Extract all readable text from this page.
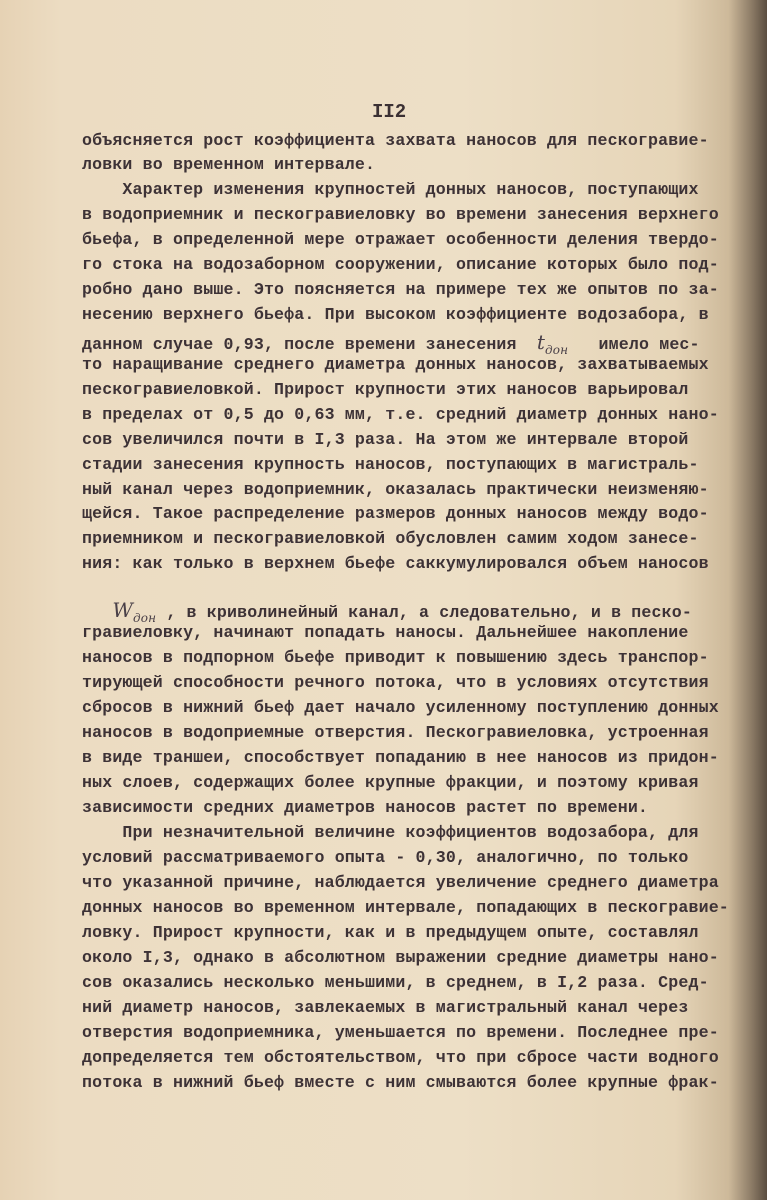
II2
объясняется рост коэффициента захвата наносов для пескогравие-
ловки во временном интервале.
Характер изменения крупностей донных наносов, поступающих
в водоприемник и пескогравиеловку во времени занесения верхнего
бьефа, в определенной мере отражает особенности деления твердо-
го стока на водозаборном сооружении, описание которых было под-
робно дано выше. Это поясняется на примере тех же опытов по за-
несению верхнего бьефа. При высоком коэффициенте водозабора, в
данном случае 0,93, после времени занесения  $t_{дон}$   имело мес-
то наращивание среднего диаметра донных наносов, захватываемых
пескогравиеловкой. Прирост крупности этих наносов варьировал
в пределах от 0,5 до 0,63 мм, т.е. средний диаметр донных нано-
сов увеличился почти в I,3 раза. На этом же интервале второй
стадии занесения крупность наносов, поступающих в магистраль-
ный канал через водоприемник, оказалась практически неизменяю-
щейся. Такое распределение размеров донных наносов между водо-
приемником и пескогравиеловкой обусловлен самим ходом занесе-
ния: как только в верхнем бьефе саккумулировался объем наносов
$W_{дон}$ , в криволинейный канал, а следовательно, и в песко-
гравиеловку, начинают попадать наносы. Дальнейшее накопление
наносов в подпорном бьефе приводит к повышению здесь транспор-
тирующей способности речного потока, что в условиях отсутствия
сбросов в нижний бьеф дает начало усиленному поступлению донных
наносов в водоприемные отверстия. Пескогравиеловка, устроенная
в виде траншеи, способствует попаданию в нее наносов из придон-
ных слоев, содержащих более крупные фракции, и поэтому кривая
зависимости средних диаметров наносов растет по времени.
При незначительной величине коэффициентов водозабора, для
условий рассматриваемого опыта - 0,30, аналогично, по только
что указанной причине, наблюдается увеличение среднего диаметра
донных наносов во временном интервале, попадающих в пескогравие-
ловку. Прирост крупности, как и в предыдущем опыте, составлял
около I,3, однако в абсолютном выражении средние диаметры нано-
сов оказались несколько меньшими, в среднем, в I,2 раза. Сред-
ний диаметр наносов, завлекаемых в магистральный канал через
отверстия водоприемника, уменьшается по времени. Последнее пре-
допределяется тем обстоятельством, что при сбросе части водного
потока в нижний бьеф вместе с ним смываются более крупные фрак-
